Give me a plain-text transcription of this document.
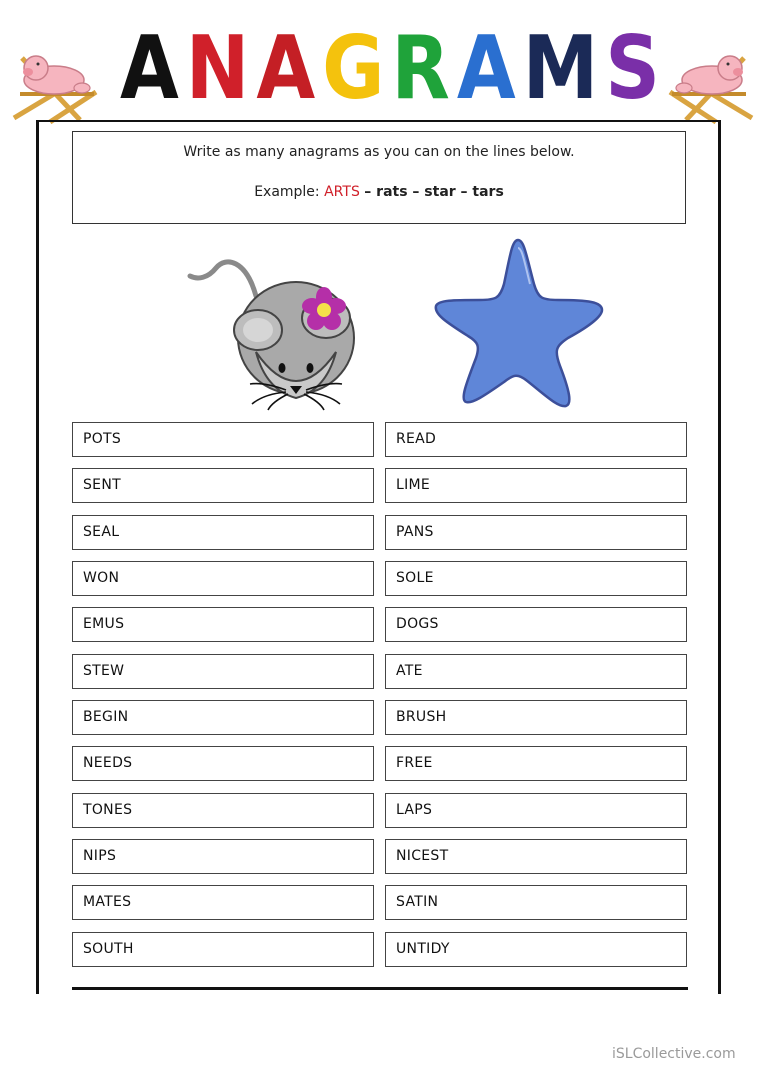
A N A G R A M S
Write as many anagrams as you can on the lines below.
Example: ARTS – rats – star – tars
POTS
SENT
SEAL
WON
EMUS
STEW
BEGIN
NEEDS
TONES
NIPS
MATES
SOUTH
READ
LIME
PANS
SOLE
DOGS
ATE
BRUSH
FREE
LAPS
NICEST
SATIN
UNTIDY
iSLCollective.com
